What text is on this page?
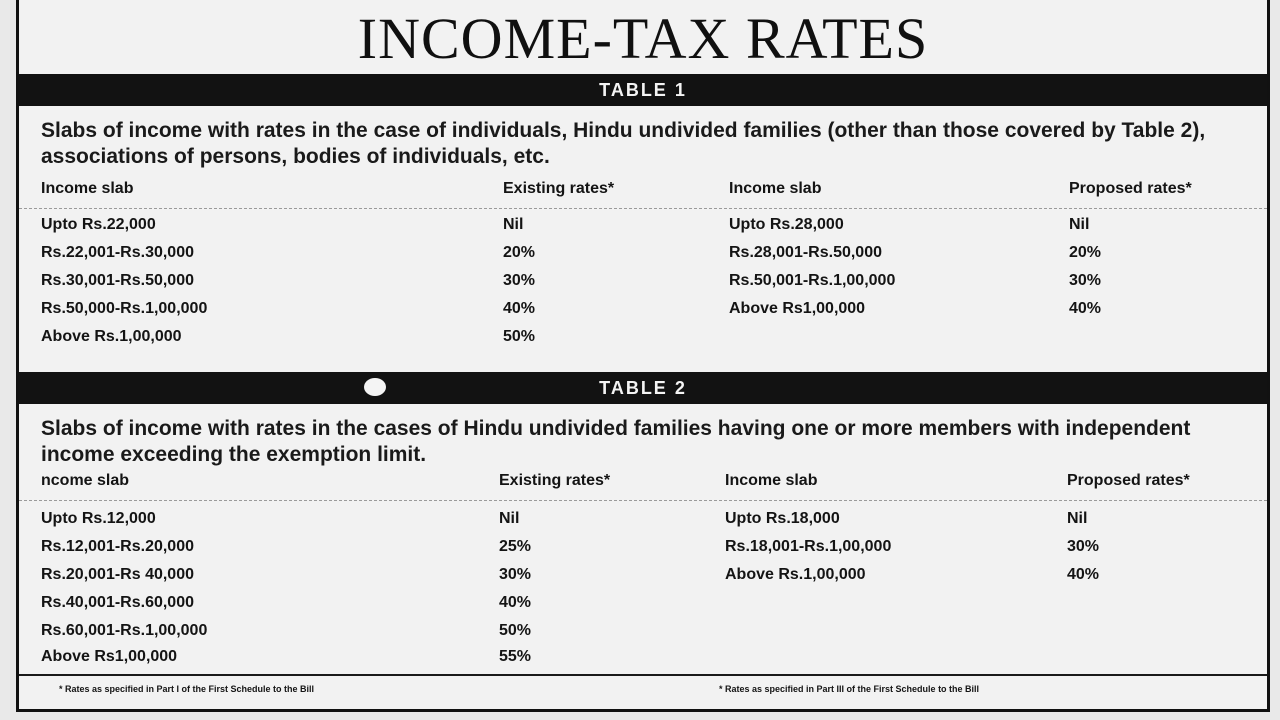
INCOME-TAX RATES
TABLE 1
Slabs of income with rates in the case of individuals, Hindu undivided families (other than those covered by Table 2), associations of persons, bodies of individuals, etc.
Income slab	Existing rates*	Income slab	Proposed rates*
Upto Rs.22,000	Nil	Upto Rs.28,000	Nil
Rs.22,001-Rs.30,000	20%	Rs.28,001-Rs.50,000	20%
Rs.30,001-Rs.50,000	30%	Rs.50,001-Rs.1,00,000	30%
Rs.50,000-Rs.1,00,000	40%	Above Rs1,00,000	40%
Above Rs.1,00,000	50%
TABLE 2
Slabs of income with rates in the cases of Hindu undivided families having one or more members with independent income exceeding the exemption limit.
ncome slab	Existing rates*	Income slab	Proposed rates*
Upto Rs.12,000	Nil	Upto Rs.18,000	Nil
Rs.12,001-Rs.20,000	25%	Rs.18,001-Rs.1,00,000	30%
Rs.20,001-Rs 40,000	30%	Above Rs.1,00,000	40%
Rs.40,001-Rs.60,000	40%
Rs.60,001-Rs.1,00,000	50%
Above Rs1,00,000	55%
* Rates as specified in Part I of the First Schedule to the Bill	* Rates as specified in Part III of the First Schedule to the Bill
